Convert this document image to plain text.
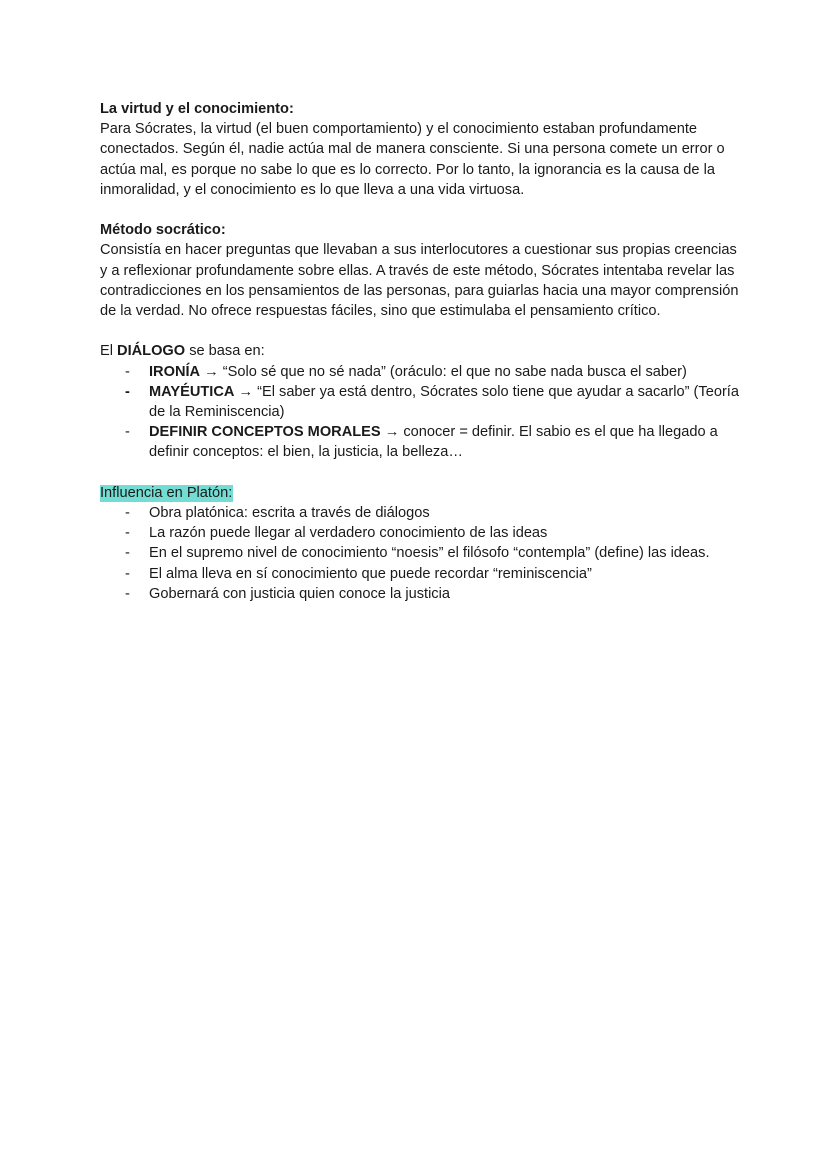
La virtud y el conocimiento:

Para Sócrates, la virtud (el buen comportamiento) y el conocimiento estaban profundamente conectados. Según él, nadie actúa mal de manera consciente. Si una persona comete un error o actúa mal, es porque no sabe lo que es lo correcto. Por lo tanto, la ignorancia es la causa de la inmoralidad, y el conocimiento es lo que lleva a una vida virtuosa.

Método socrático:

Consistía en hacer preguntas que llevaban a sus interlocutores a cuestionar sus propias creencias y a reflexionar profundamente sobre ellas. A través de este método, Sócrates intentaba revelar las contradicciones en los pensamientos de las personas, para guiarlas hacia una mayor comprensión de la verdad. No ofrece respuestas fáciles, sino que estimulaba el pensamiento crítico.

El DIÁLOGO se basa en:

- IRONÍA → “Solo sé que no sé nada” (oráculo: el que no sabe nada busca el saber)
- MAYÉUTICA → “El saber ya está dentro, Sócrates solo tiene que ayudar a sacarlo” (Teoría de la Reminiscencia)
- DEFINIR CONCEPTOS MORALES → conocer = definir. El sabio es el que ha llegado a definir conceptos: el bien, la justicia, la belleza…

Influencia en Platón:

- Obra platónica: escrita a través de diálogos
- La razón puede llegar al verdadero conocimiento de las ideas
- En el supremo nivel de conocimiento “noesis” el filósofo “contempla” (define) las ideas.
- El alma lleva en sí conocimiento que puede recordar “reminiscencia”
- Gobernará con justicia quien conoce la justicia
